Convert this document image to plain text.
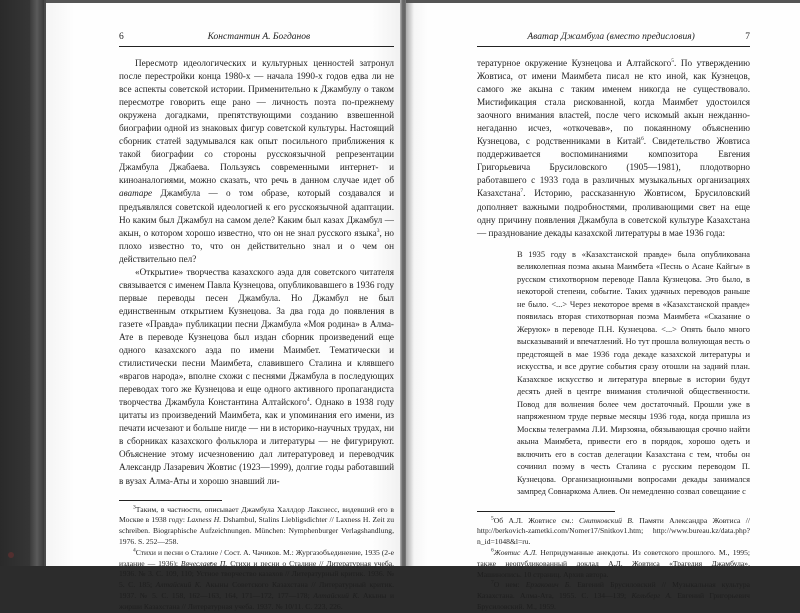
6	Константин А. Богданов

Пересмотр идеологических и культурных ценностей затронул после перестройки конца 1980-х — начала 1990-х годов едва ли не все аспекты советской истории. Применительно к Джамбулу о таком пересмотре говорить еще рано — личность поэта по-прежнему окружена догадками, препятствующими созданию взвешенной биографии одной из знаковых фигур советской культуры. Настоящий сборник статей задумывался как опыт посильного приближения к такой биографии со стороны русскоязычной репрезентации Джамбула Джабаева. Пользуясь современными интернет- и киноаналогиями, можно сказать, что речь в данном случае идет об аватаре Джамбула — о том образе, который создавался и предъявлялся советской идеологией к его русскоязычной адаптации. Но каким был Джамбул на самом деле? Каким был казах Джамбул — акын, о котором хорошо известно, что он не знал русского языка$^3$, но плохо известно то, что он действительно знал и о чем он действительно пел?

«Открытие» творчества казахского аэда для советского читателя связывается с именем Павла Кузнецова, опубликовавшего в 1936 году первые переводы песен Джамбула. Но Джамбул не был единственным открытием Кузнецова. За два года до появления в газете «Правда» публикации песни Джамбула «Моя родина» в Алма-Ате в переводе Кузнецова был издан сборник произведений еще одного казахского аэда по имени Маимбет. Тематически и стилистически песни Маимбета, славившего Сталина и клявшего «врагов народа», вполне схожи с песнями Джамбула в последующих переводах того же Кузнецова и еще одного активного пропагандиста творчества Джамбула Константина Алтайского$^4$. Однако в 1938 году цитаты из произведений Маимбета, как и упоминания его имени, из печати исчезают и больше нигде — ни в историко-научных трудах, ни в сборниках казахского фольклора и литературы — не фигурируют. Объяснение этому исчезновению дал литературовед и переводчик Александр Лазаревич Жовтис (1923—1999), долгие годы работавший в вузах Алма-Аты и хорошо знавший ли-

$^3$Таким, в частности, описывает Джамбула Халлдор Лакснесс, видевший его в Москве в 1938 году: Laxness H. Dshambul, Stalins Liebligsdichter // Laxness H. Zeit zu schreiben. Biographische Aufzeichnungen. München: Nymphenburger Verlagshandlung, 1976. S. 252—258.

$^4$Стихи и песни о Сталине / Сост. А. Чачиков. М.: Жургазобъединение, 1935 (2-е издание — 1936); Вячеславов П. Стихи и песни о Сталине // Литературная учеба. 1936. № 3. С. 109, 110; Устное творчество казахов // Литературный критик. 1936. № 5. С. 185; Алтайский К. Акыны Советского Казахстана // Литературный критик. 1937. № 5. С. 158, 162—163, 164, 171—172, 177—178; Алтайский К. Акыны и жирши Казахстана // Литературная учеба. 1937. № 10/11. С. 223, 226.

Аватар Джамбула (вместо предисловия)	7

тературное окружение Кузнецова и Алтайского$^5$. По утверждению Жовтиса, от имени Маимбета писал не кто иной, как Кузнецов, самого же акына с таким именем никогда не существовало. Мистификация стала рискованной, когда Маимбет удостоился заочного внимания властей, после чего искомый акын нежданно-негаданно исчез, «откочевав», по покаянному объяснению Кузнецова, с родственниками в Китай$^6$. Свидетельство Жовтиса поддерживается воспоминаниями композитора Евгения Григорьевича Брусиловского (1905—1981), плодотворно работавшего с 1933 года в различных музыкальных организациях Казахстана$^7$. Историю, рассказанную Жовтисом, Брусиловский дополняет важными подробностями, проливающими свет на еще одну причину появления Джамбула в советской культуре Казахстана — празднование декады казахской литературы в мае 1936 года:

В 1935 году в «Казахстанской правде» была опубликована великолепная поэма акына Маимбета «Песнь о Асане Кайгы» в русском стихотворном переводе Павла Кузнецова. Это было, в некоторой степени, событие. Таких удачных переводов раньше не было. <...> Через некоторое время в «Казахстанской правде» появилась вторая стихотворная поэма Маимбета «Сказание о Жеруюк» в переводе П.Н. Кузнецова. <...> Опять было много высказываний и впечатлений. Но тут прошла волнующая весть о предстоящей в мае 1936 года декаде казахской литературы и искусства, и все другие события сразу отошли на задний план. Казахское искусство и литература впервые в истории будут десять дней в центре внимания столичной общественности. Повод для волнения более чем достаточный. Прошли уже в напряженном труде первые месяцы 1936 года, когда пришла из Москвы телеграмма Л.И. Мирзояна, обязывающая срочно найти акына Маимбета, привести его в порядок, хорошо одеть и включить его в состав делегации Казахстана с тем, чтобы он сочинил поэму в честь Сталина с русским переводом П. Кузнецова. Организационными вопросами декады занимался зампред Совнаркома Алиев. Он немедленно созвал совещание с

$^5$Об А.Л. Жовтисе см.: Снитковский В. Памяти Александра Жовтиса // http://berkovich-zametki.com/Nomer17/Snitkov1.htm; http://www.bureau.kz/data.php?n_id=1048&l=ru.

$^6$Жовтис А.Л. Непридуманные анекдоты. Из советского прошлого. М., 1995; также неопубликованный доклад А.Л. Жовтиса «Трагедия Джамбула». Машинопись. 10 страниц. Архив автора.

$^7$О нем: Ерзакович Б. Евгений Брусиловский // Музыкальная культура Казахстана. Алма-Ата, 1955. С. 134—139; Кельберг А. Евгений Григорьевич Брусиловский. М., 1959.
